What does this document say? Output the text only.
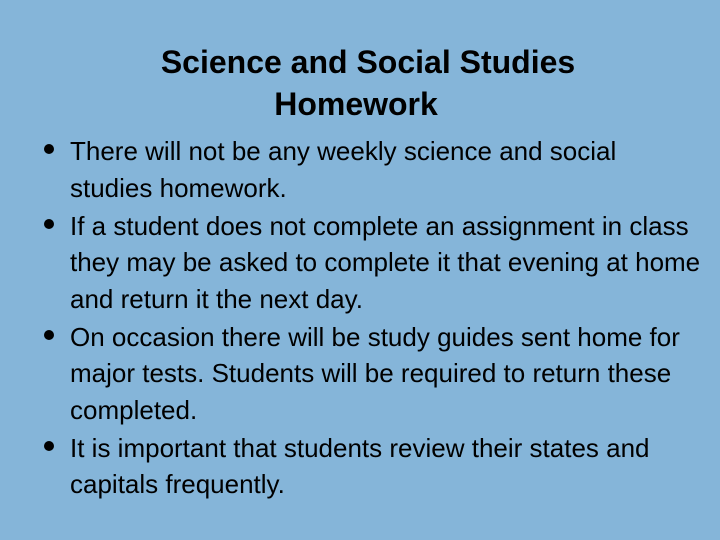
Science and Social Studies
Homework
There will not be any weekly science and social studies homework.
If a student does not complete an assignment in class they may be asked to complete it that evening at home and return it the next day.
On occasion there will be study guides sent home for major tests. Students will be required to return these completed.
It is important that students review their states and capitals frequently.
